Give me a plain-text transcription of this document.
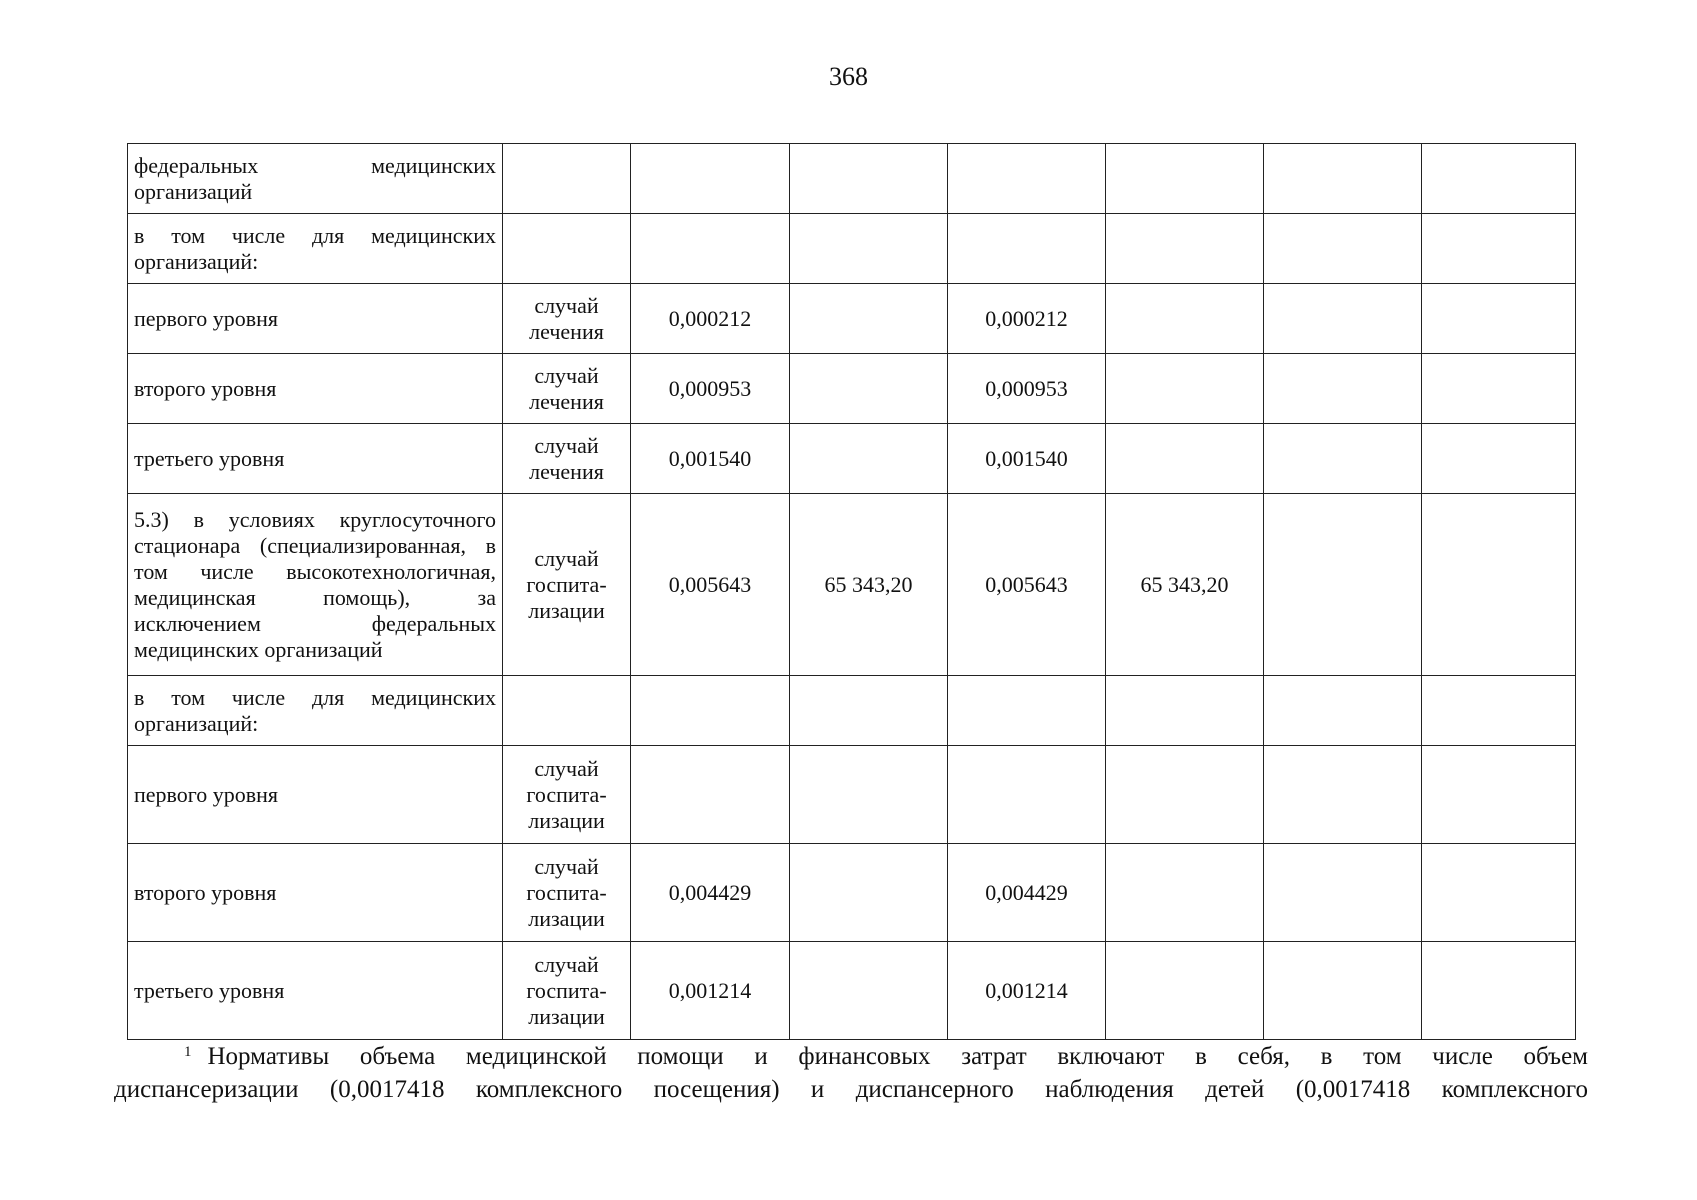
368
федеральных медицинских организаций							
в том числе для медицинских организаций:							
первого уровня	случай лечения	0,000212		0,000212			
второго уровня	случай лечения	0,000953		0,000953			
третьего уровня	случай лечения	0,001540		0,001540			
5.3) в условиях круглосуточного стационара (специализированная, в том числе высокотехнологичная, медицинская помощь), за исключением федеральных медицинских организаций	случай госпита-лизации	0,005643	65 343,20	0,005643	65 343,20		
в том числе для медицинских организаций:							
первого уровня	случай госпита-лизации						
второго уровня	случай госпита-лизации	0,004429		0,004429			
третьего уровня	случай госпита-лизации	0,001214		0,001214			
$^1$ Нормативы объема медицинской помощи и финансовых затрат включают в себя, в том числе объем
диспансеризации (0,0017418 комплексного посещения) и диспансерного наблюдения детей (0,0017418 комплексного
